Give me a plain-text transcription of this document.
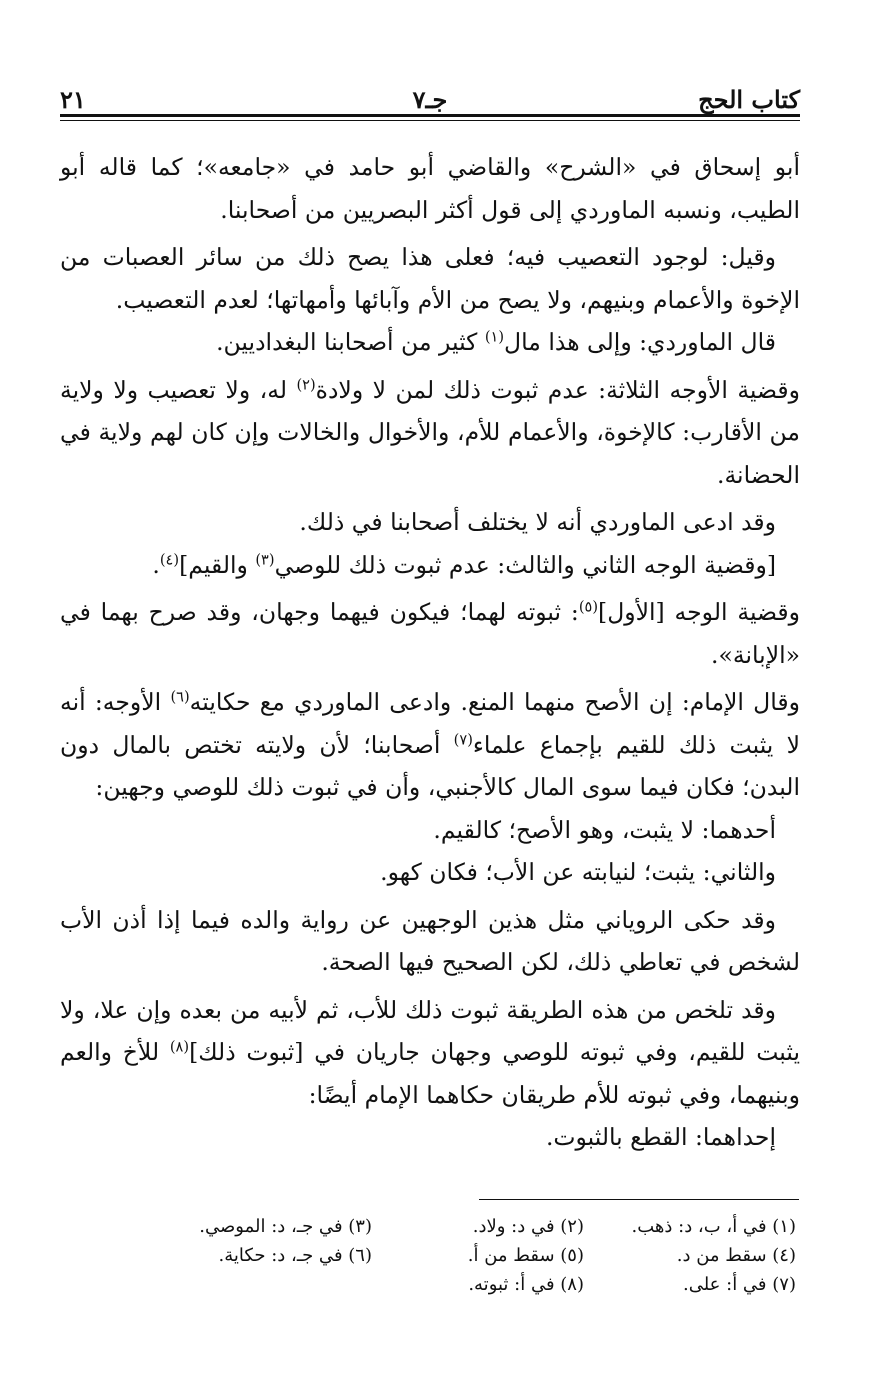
كتاب الحج
جـ٧
٢١

أبو إسحاق في «الشرح» والقاضي أبو حامد في «جامعه»؛ كما قاله أبو الطيب، ونسبه الماوردي إلى قول أكثر البصريين من أصحابنا.

وقيل: لوجود التعصيب فيه؛ فعلى هذا يصح ذلك من سائر العصبات من الإخوة والأعمام وبنيهم، ولا يصح من الأم وآبائها وأمهاتها؛ لعدم التعصيب.

قال الماوردي: وإلى هذا مال$^{(١)}$ كثير من أصحابنا البغداديين.

وقضية الأوجه الثلاثة: عدم ثبوت ذلك لمن لا ولادة$^{(٢)}$ له، ولا تعصيب ولا ولاية من الأقارب: كالإخوة، والأعمام للأم، والأخوال والخالات وإن كان لهم ولاية في الحضانة.

وقد ادعى الماوردي أنه لا يختلف أصحابنا في ذلك.

[وقضية الوجه الثاني والثالث: عدم ثبوت ذلك للوصي$^{(٣)}$ والقيم]$^{(٤)}$.

وقضية الوجه [الأول]$^{(٥)}$: ثبوته لهما؛ فيكون فيهما وجهان، وقد صرح بهما في «الإبانة».

وقال الإمام: إن الأصح منهما المنع. وادعى الماوردي مع حكايته$^{(٦)}$ الأوجه: أنه لا يثبت ذلك للقيم بإجماع علماء$^{(٧)}$ أصحابنا؛ لأن ولايته تختص بالمال دون البدن؛ فكان فيما سوى المال كالأجنبي، وأن في ثبوت ذلك للوصي وجهين:

أحدهما: لا يثبت، وهو الأصح؛ كالقيم.

والثاني: يثبت؛ لنيابته عن الأب؛ فكان كهو.

وقد حكى الروياني مثل هذين الوجهين عن رواية والده فيما إذا أذن الأب لشخص في تعاطي ذلك، لكن الصحيح فيها الصحة.

وقد تلخص من هذه الطريقة ثبوت ذلك للأب، ثم لأبيه من بعده وإن علا، ولا يثبت للقيم، وفي ثبوته للوصي وجهان جاريان في [ثبوت ذلك]$^{(٨)}$ للأخ والعم وبنيهما، وفي ثبوته للأم طريقان حكاهما الإمام أيضًا:

إحداهما: القطع بالثبوت.

(١) في أ، ب، د: ذهب.
(٢) في د: ولاد.
(٣) في جـ، د: الموصي.
(٤) سقط من د.
(٥) سقط من أ.
(٦) في جـ، د: حكاية.
(٧) في أ: على.
(٨) في أ: ثبوته.
